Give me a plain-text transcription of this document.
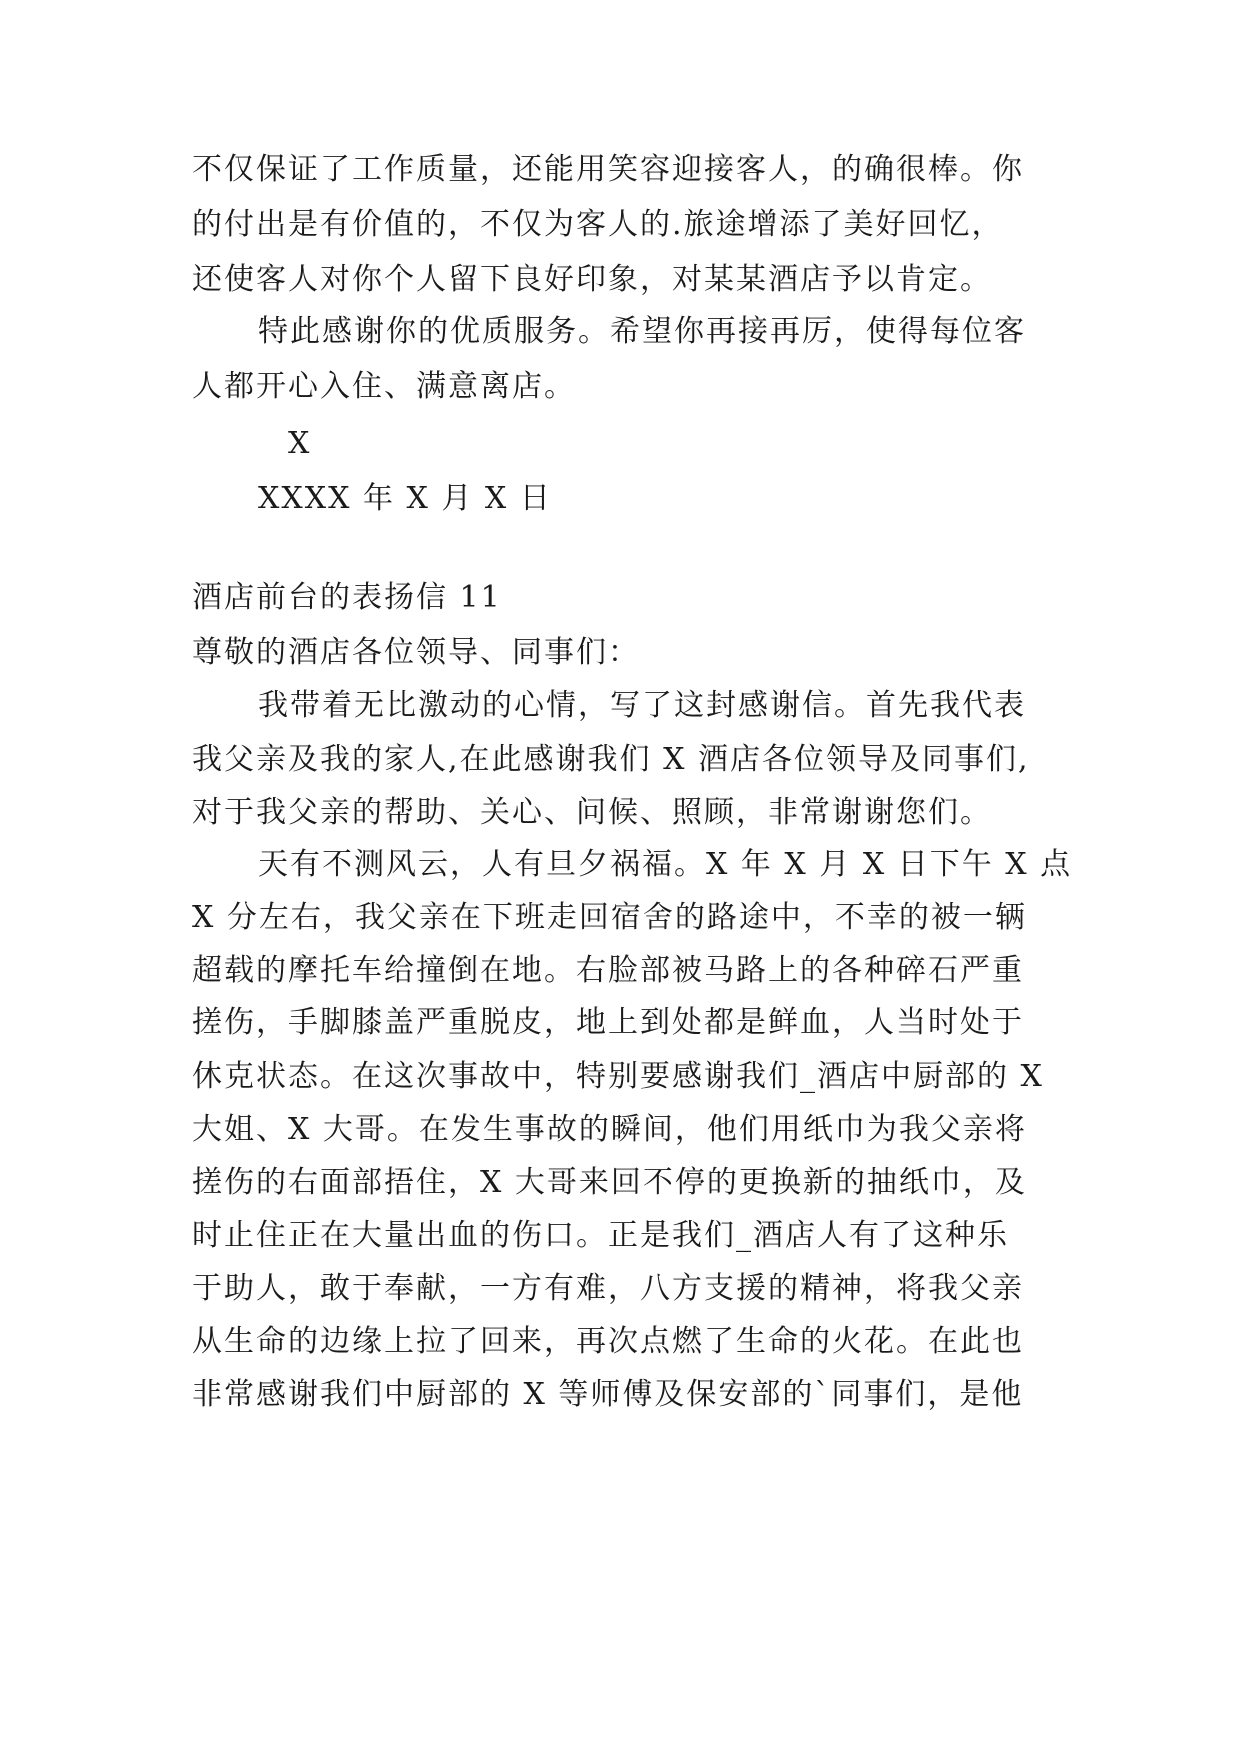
不仅保证了工作质量，还能用笑容迎接客人，的确很棒。你
的付出是有价值的，不仅为客人的.旅途增添了美好回忆，
还使客人对你个人留下良好印象，对某某酒店予以肯定。
特此感谢你的优质服务。希望你再接再厉，使得每位客
人都开心入住、满意离店。
X
XXXX 年 X 月 X 日
酒店前台的表扬信 11
尊敬的酒店各位领导、同事们：
我带着无比激动的心情，写了这封感谢信。首先我代表
我父亲及我的家人,在此感谢我们 X 酒店各位领导及同事们,
对于我父亲的帮助、关心、问候、照顾，非常谢谢您们。
天有不测风云，人有旦夕祸福。X 年 X 月 X 日下午 X 点
X 分左右，我父亲在下班走回宿舍的路途中，不幸的被一辆
超载的摩托车给撞倒在地。右脸部被马路上的各种碎石严重
搓伤，手脚膝盖严重脱皮，地上到处都是鲜血，人当时处于
休克状态。在这次事故中，特别要感谢我们_酒店中厨部的 X
大姐、X 大哥。在发生事故的瞬间，他们用纸巾为我父亲将
搓伤的右面部捂住，X 大哥来回不停的更换新的抽纸巾，及
时止住正在大量出血的伤口。正是我们_酒店人有了这种乐
于助人，敢于奉献，一方有难，八方支援的精神，将我父亲
从生命的边缘上拉了回来，再次点燃了生命的火花。在此也
非常感谢我们中厨部的 X 等师傅及保安部的`同事们，是他
